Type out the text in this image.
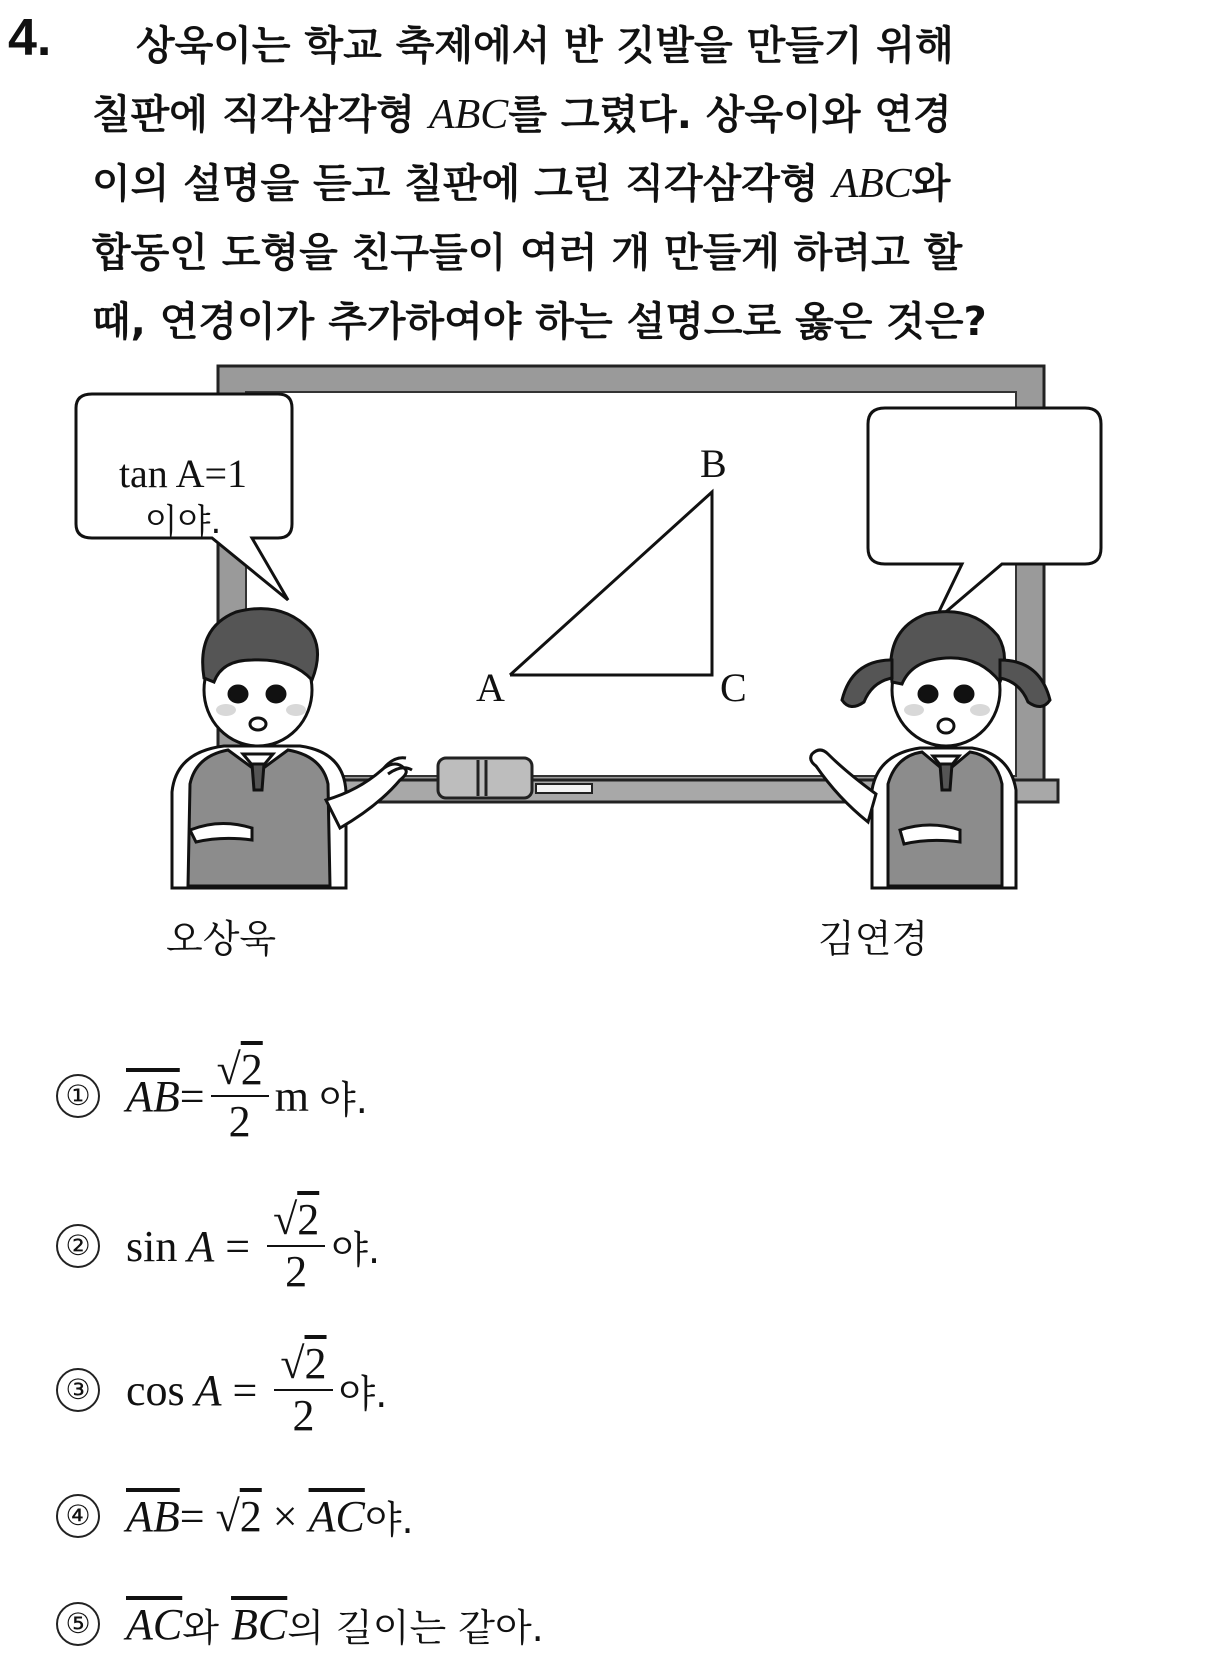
4.	상욱이는 학교 축제에서 반 깃발을 만들기 위해
칠판에 직각삼각형 ABC를 그렸다. 상욱이와 연경
이의 설명을 듣고 칠판에 그린 직각삼각형 ABC와
합동인 도형을 친구들이 여러 개 만들게 하려고 할
때, 연경이가 추가하여야 하는 설명으로 옳은 것은?
tan A=1
이야.
B
A	C
오상욱	김연경
① $\overline{AB} = \frac{√2}{2}$ m 야.
② $\sin A = \frac{√2}{2}$ 야.
③ $\cos A = \frac{√2}{2}$ 야.
④ $\overline{AB}$ = √ $2 \times \overline{AC}$ 야.
⑤ $\overline{AC}$ 와 $\overline{BC}$ 의 길이는 같아.
